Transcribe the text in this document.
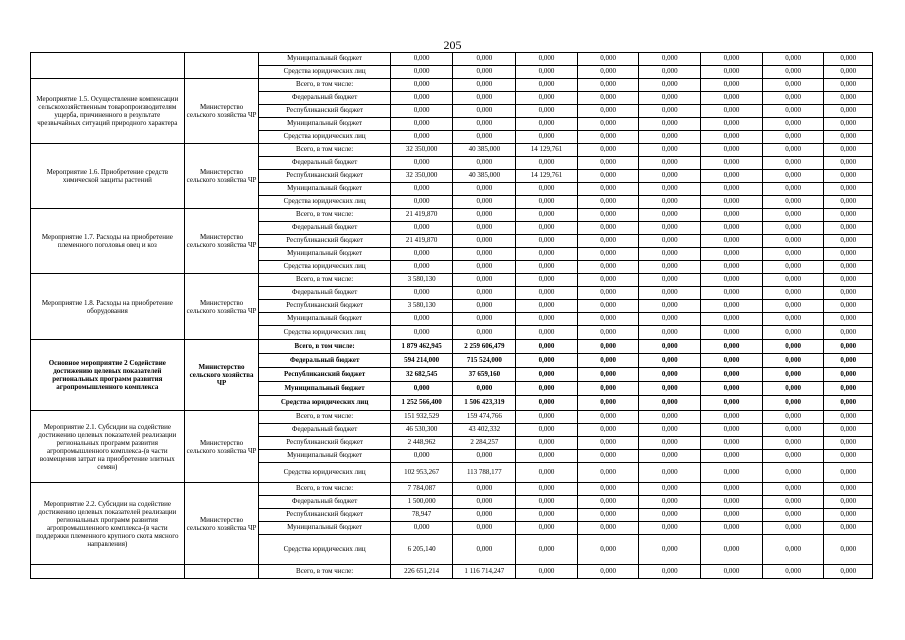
205
		Муниципальный бюджет	0,000	0,000	0,000	0,000	0,000	0,000	0,000	0,000
		Средства юридических лиц	0,000	0,000	0,000	0,000	0,000	0,000	0,000	0,000
Мероприятие 1.5. Осуществление компенсации сельскохозяйственным товаропроизводителям ущерба, причиненного в результате чрезвычайных ситуаций природного характера	Министерство сельского хозяйства ЧР	Всего, в том числе:	0,000	0,000	0,000	0,000	0,000	0,000	0,000	0,000
		Федеральный бюджет	0,000	0,000	0,000	0,000	0,000	0,000	0,000	0,000
		Республиканский бюджет	0,000	0,000	0,000	0,000	0,000	0,000	0,000	0,000
		Муниципальный бюджет	0,000	0,000	0,000	0,000	0,000	0,000	0,000	0,000
		Средства юридических лиц	0,000	0,000	0,000	0,000	0,000	0,000	0,000	0,000
Мероприятие 1.6. Приобретение средств химической защиты растений	Министерство сельского хозяйства ЧР	Всего, в том числе:	32 350,000	40 385,000	14 129,761	0,000	0,000	0,000	0,000	0,000
		Федеральный бюджет	0,000	0,000	0,000	0,000	0,000	0,000	0,000	0,000
		Республиканский бюджет	32 350,000	40 385,000	14 129,761	0,000	0,000	0,000	0,000	0,000
		Муниципальный бюджет	0,000	0,000	0,000	0,000	0,000	0,000	0,000	0,000
		Средства юридических лиц	0,000	0,000	0,000	0,000	0,000	0,000	0,000	0,000
Мероприятие 1.7. Расходы на приобретение племенного поголовья овец и коз	Министерство сельского хозяйства ЧР	Всего, в том числе:	21 419,870	0,000	0,000	0,000	0,000	0,000	0,000	0,000
		Федеральный бюджет	0,000	0,000	0,000	0,000	0,000	0,000	0,000	0,000
		Республиканский бюджет	21 419,870	0,000	0,000	0,000	0,000	0,000	0,000	0,000
		Муниципальный бюджет	0,000	0,000	0,000	0,000	0,000	0,000	0,000	0,000
		Средства юридических лиц	0,000	0,000	0,000	0,000	0,000	0,000	0,000	0,000
Мероприятие 1.8. Расходы на приобретение оборудования	Министерство сельского хозяйства ЧР	Всего, в том числе:	3 580,130	0,000	0,000	0,000	0,000	0,000	0,000	0,000
		Федеральный бюджет	0,000	0,000	0,000	0,000	0,000	0,000	0,000	0,000
		Республиканский бюджет	3 580,130	0,000	0,000	0,000	0,000	0,000	0,000	0,000
		Муниципальный бюджет	0,000	0,000	0,000	0,000	0,000	0,000	0,000	0,000
		Средства юридических лиц	0,000	0,000	0,000	0,000	0,000	0,000	0,000	0,000
Основное мероприятие 2 Содействие достижению целевых показателей региональных программ развития агропромышленного комплекса	Министерство сельского хозяйства ЧР	Всего, в том числе:	1 879 462,945	2 259 606,479	0,000	0,000	0,000	0,000	0,000	0,000
		Федеральный бюджет	594 214,000	715 524,000	0,000	0,000	0,000	0,000	0,000	0,000
		Республиканский бюджет	32 682,545	37 659,160	0,000	0,000	0,000	0,000	0,000	0,000
		Муниципальный бюджет	0,000	0,000	0,000	0,000	0,000	0,000	0,000	0,000
		Средства юридических лиц	1 252 566,400	1 506 423,319	0,000	0,000	0,000	0,000	0,000	0,000
Мероприятие 2.1. Субсидии на содействие достижению целевых показателей реализации региональных программ развития агропромышленного комплекса-(в части возмещения затрат на приобретение элитных семян)	Министерство сельского хозяйства ЧР	Всего, в том числе:	151 932,529	159 474,766	0,000	0,000	0,000	0,000	0,000	0,000
		Федеральный бюджет	46 530,300	43 402,332	0,000	0,000	0,000	0,000	0,000	0,000
		Республиканский бюджет	2 448,962	2 284,257	0,000	0,000	0,000	0,000	0,000	0,000
		Муниципальный бюджет	0,000	0,000	0,000	0,000	0,000	0,000	0,000	0,000
		Средства юридических лиц	102 953,267	113 788,177	0,000	0,000	0,000	0,000	0,000	0,000
Мероприятие 2.2. Субсидии на содействие достижению целевых показателей реализации региональных программ развития агропромышленного комплекса-(в части поддержки племенного крупного скота мясного направления)	Министерство сельского хозяйства ЧР	Всего, в том числе:	7 784,087	0,000	0,000	0,000	0,000	0,000	0,000	0,000
		Федеральный бюджет	1 500,000	0,000	0,000	0,000	0,000	0,000	0,000	0,000
		Республиканский бюджет	78,947	0,000	0,000	0,000	0,000	0,000	0,000	0,000
		Муниципальный бюджет	0,000	0,000	0,000	0,000	0,000	0,000	0,000	0,000
		Средства юридических лиц	6 205,140	0,000	0,000	0,000	0,000	0,000	0,000	0,000
		Всего, в том числе:	226 651,214	1 116 714,247	0,000	0,000	0,000	0,000	0,000	0,000
